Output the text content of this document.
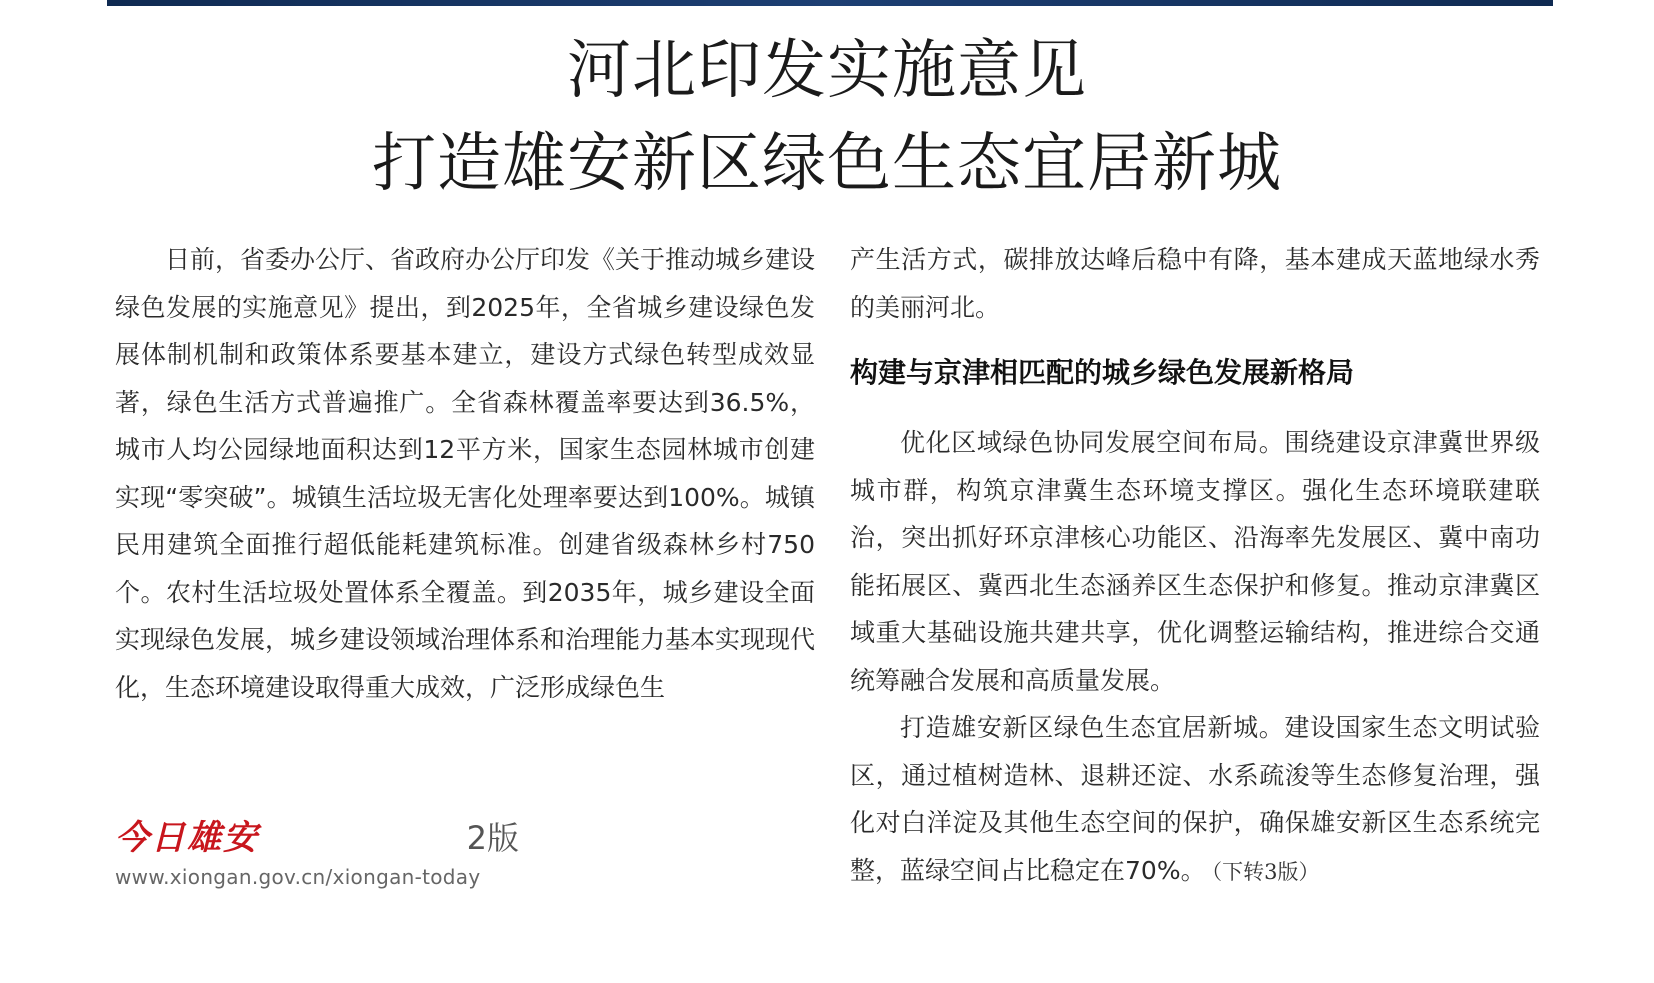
河北印发实施意见
打造雄安新区绿色生态宜居新城

日前，省委办公厅、省政府办公厅印发《关于推动城乡建设绿色发展的实施意见》提出，到2025年，全省城乡建设绿色发展体制机制和政策体系要基本建立，建设方式绿色转型成效显著，绿色生活方式普遍推广。全省森林覆盖率要达到36.5%，城市人均公园绿地面积达到12平方米，国家生态园林城市创建实现“零突破”。城镇生活垃圾无害化处理率要达到100%。城镇民用建筑全面推行超低能耗建筑标准。创建省级森林乡村750个。农村生活垃圾处置体系全覆盖。到2035年，城乡建设全面实现绿色发展，城乡建设领域治理体系和治理能力基本实现现代化，生态环境建设取得重大成效，广泛形成绿色生

产生活方式，碳排放达峰后稳中有降，基本建成天蓝地绿水秀的美丽河北。

构建与京津相匹配的城乡绿色发展新格局

优化区域绿色协同发展空间布局。围绕建设京津冀世界级城市群，构筑京津冀生态环境支撑区。强化生态环境联建联治，突出抓好环京津核心功能区、沿海率先发展区、冀中南功能拓展区、冀西北生态涵养区生态保护和修复。推动京津冀区域重大基础设施共建共享，优化调整运输结构，推进综合交通统筹融合发展和高质量发展。

打造雄安新区绿色生态宜居新城。建设国家生态文明试验区，通过植树造林、退耕还淀、水系疏浚等生态修复治理，强化对白洋淀及其他生态空间的保护，确保雄安新区生态系统完整，蓝绿空间占比稳定在70%。 （下转3版）

今日雄安	2版
www.xiongan.gov.cn/xiongan-today
